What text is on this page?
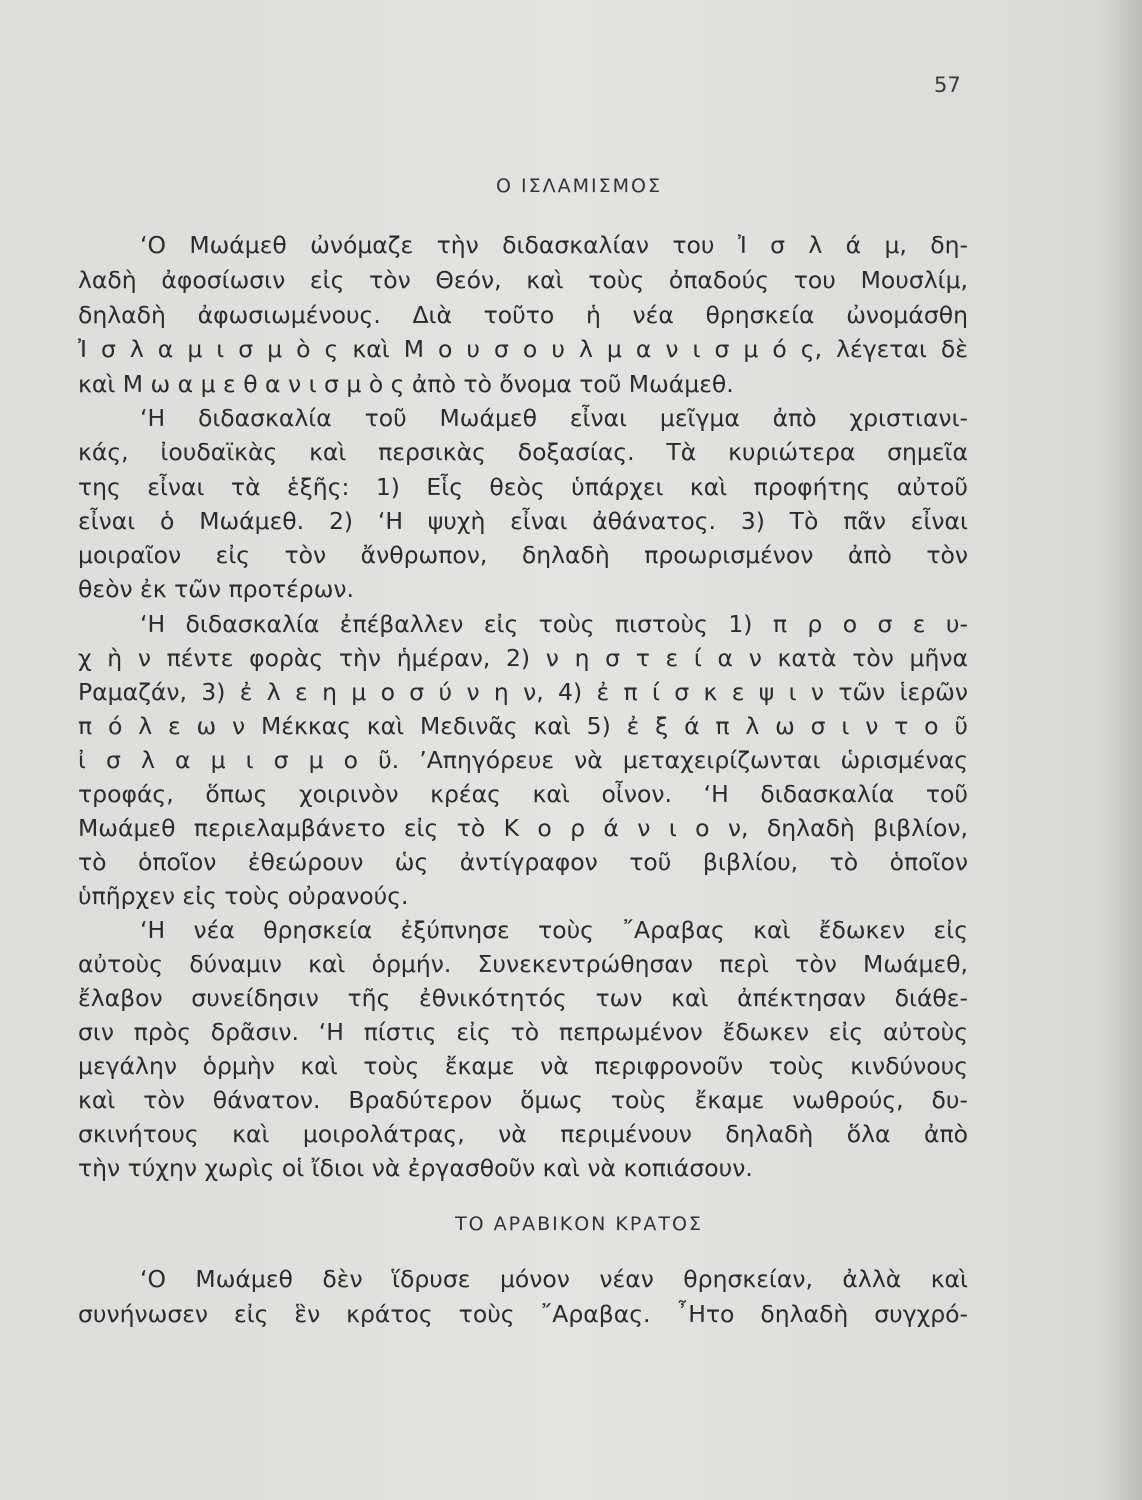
57
Ο ΙΣΛΑΜΙΣΜΟΣ
‘Ο Μωάμεθ ὠνόμαζε τὴν διδασκαλίαν του Ἰ σ λ ά μ, δη-
λαδὴ ἀφοσίωσιν εἰς τὸν Θεόν, καὶ τοὺς ὀπαδούς του Μουσλίμ,
δηλαδὴ ἀφωσιωμένους. Διὰ τοῦτο ἡ νέα θρησκεία ὠνομάσθη
Ἰ σ λ α μ ι σ μ ὸ ς καὶ Μ ο υ σ ο υ λ μ α ν ι σ μ ό ς, λέγεται δὲ
καὶ Μ ω α μ ε θ α ν ι σ μ ὸ ς ἀπὸ τὸ ὄνομα τοῦ Μωάμεθ.
‘Η διδασκαλία τοῦ Μωάμεθ εἶναι μεῖγμα ἀπὸ χριστιανι-
κάς, ἰουδαϊκὰς καὶ περσικὰς δοξασίας. Τὰ κυριώτερα σημεῖα
της εἶναι τὰ ἑξῆς: 1) Εἷς θεὸς ὑπάρχει καὶ προφήτης αὐτοῦ
εἶναι ὁ Μωάμεθ. 2) ‘Η ψυχὴ εἶναι ἀθάνατος. 3) Τὸ πᾶν εἶναι
μοιραῖον εἰς τὸν ἄνθρωπον, δηλαδὴ προωρισμένον ἀπὸ τὸν
θεὸν ἐκ τῶν προτέρων.
‘Η διδασκαλία ἐπέβαλλεν εἰς τοὺς πιστοὺς 1) π ρ ο σ ε υ-
χ ὴ ν πέντε φορὰς τὴν ἡμέραν, 2) ν η σ τ ε ί α ν κατὰ τὸν μῆνα
Ραμαζάν, 3) ἐ λ ε η μ ο σ ύ ν η ν, 4) ἐ π ί σ κ ε ψ ι ν τῶν ἱερῶν
π ό λ ε ω ν Μέκκας καὶ Μεδινᾶς καὶ 5) ἐ ξ ά π λ ω σ ι ν τ ο ῦ
ἰ σ λ α μ ι σ μ ο ῦ. ’Απηγόρευε νὰ μεταχειρίζωνται ὡρισμένας
τροφάς, ὅπως χοιρινὸν κρέας καὶ οἶνον. ‘Η διδασκαλία τοῦ
Μωάμεθ περιελαμβάνετο εἰς τὸ Κ ο ρ ά ν ι ο ν, δηλαδὴ βιβλίον,
τὸ ὁποῖον ἐθεώρουν ὡς ἀντίγραφον τοῦ βιβλίου, τὸ ὁποῖον
ὑπῆρχεν εἰς τοὺς οὐρανούς.
‘Η νέα θρησκεία ἐξύπνησε τοὺς ῎Αραβας καὶ ἔδωκεν εἰς
αὐτοὺς δύναμιν καὶ ὁρμήν. Συνεκεντρώθησαν περὶ τὸν Μωάμεθ,
ἔλαβον συνείδησιν τῆς ἐθνικότητός των καὶ ἀπέκτησαν διάθε-
σιν πρὸς δρᾶσιν. ‘Η πίστις εἰς τὸ πεπρωμένον ἔδωκεν εἰς αὐτοὺς
μεγάλην ὁρμὴν καὶ τοὺς ἔκαμε νὰ περιφρονοῦν τοὺς κινδύνους
καὶ τὸν θάνατον. Βραδύτερον ὅμως τοὺς ἔκαμε νωθρούς, δυ-
σκινήτους καὶ μοιρολάτρας, νὰ περιμένουν δηλαδὴ ὅλα ἀπὸ
τὴν τύχην χωρὶς οἱ ἴδιοι νὰ ἐργασθοῦν καὶ νὰ κοπιάσουν.
ΤΟ ΑΡΑΒΙΚΟΝ ΚΡΑΤΟΣ
‘Ο Μωάμεθ δὲν ἵδρυσε μόνον νέαν θρησκείαν, ἀλλὰ καὶ
συνήνωσεν εἰς ἓν κράτος τοὺς ῎Αραβας. ῏Ητο δηλαδὴ συγχρό-
